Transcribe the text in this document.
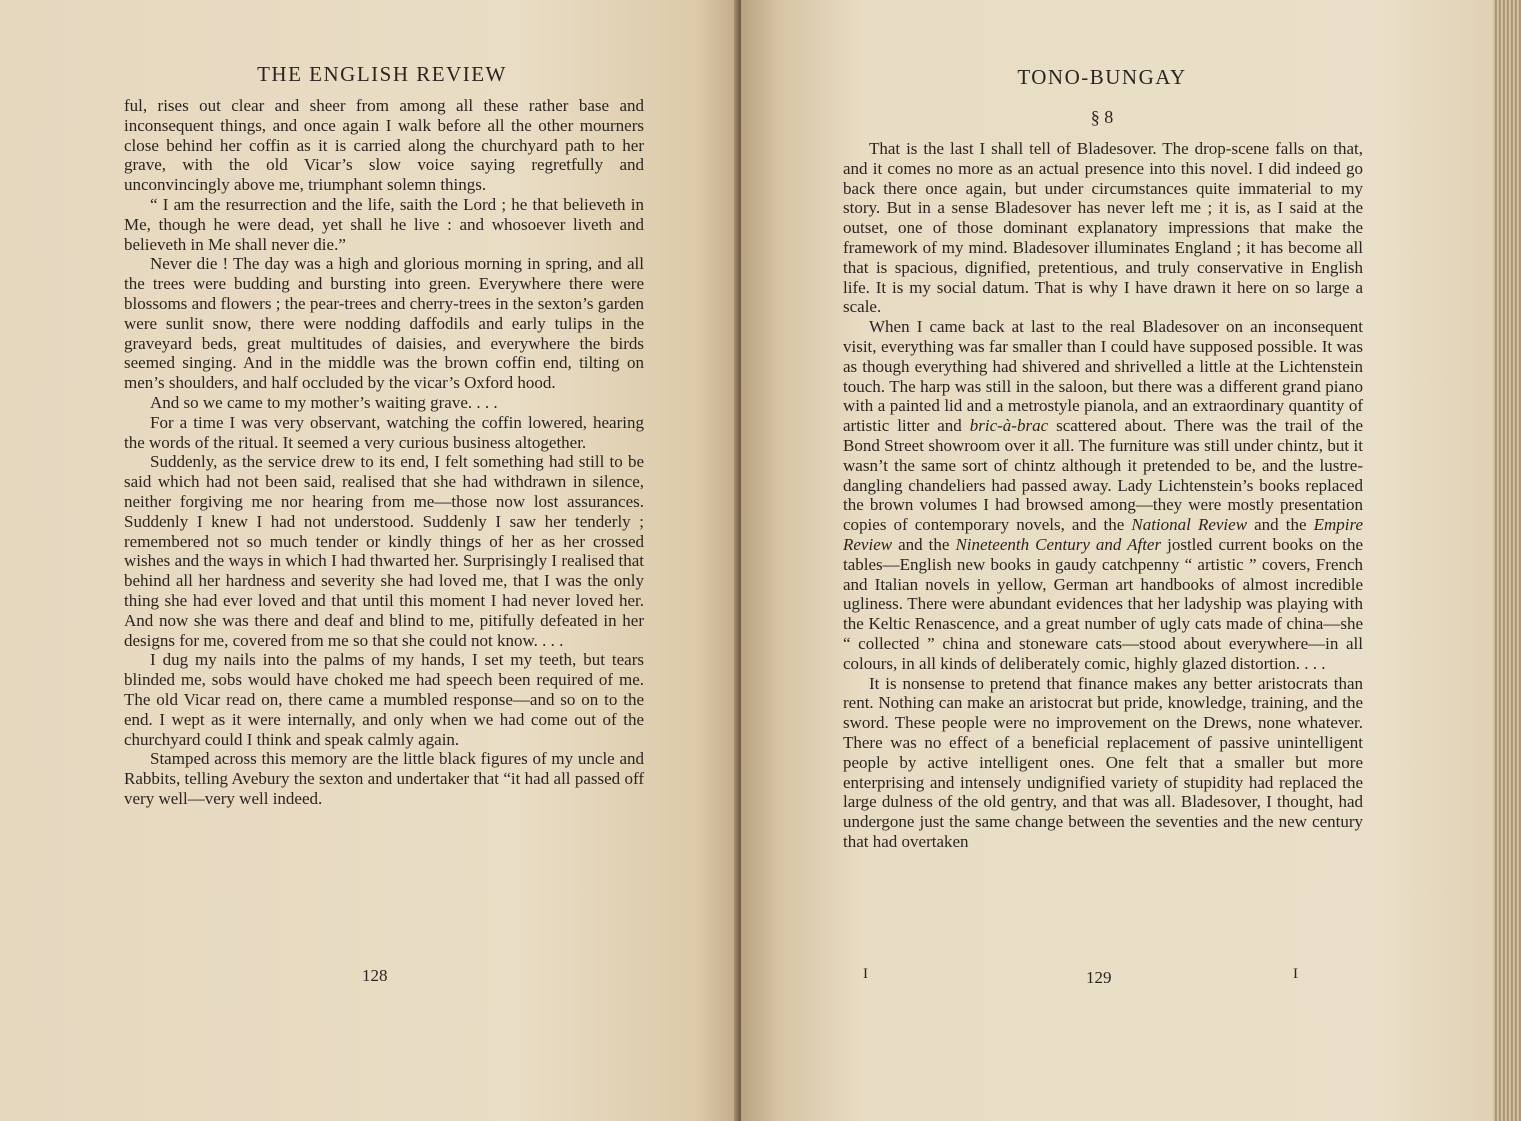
THE ENGLISH REVIEW

ful, rises out clear and sheer from among all these rather base and inconsequent things, and once again I walk before all the other mourners close behind her coffin as it is carried along the churchyard path to her grave, with the old Vicar’s slow voice saying regretfully and unconvincingly above me, triumphant solemn things.

“ I am the resurrection and the life, saith the Lord ; he that believeth in Me, though he were dead, yet shall he live : and whosoever liveth and believeth in Me shall never die.”

Never die ! The day was a high and glorious morning in spring, and all the trees were budding and bursting into green. Everywhere there were blossoms and flowers ; the pear-trees and cherry-trees in the sexton’s garden were sunlit snow, there were nodding daffodils and early tulips in the graveyard beds, great multitudes of daisies, and everywhere the birds seemed singing. And in the middle was the brown coffin end, tilting on men’s shoulders, and half occluded by the vicar’s Oxford hood.

And so we came to my mother’s waiting grave. . . .

For a time I was very observant, watching the coffin lowered, hearing the words of the ritual. It seemed a very curious business altogether.

Suddenly, as the service drew to its end, I felt something had still to be said which had not been said, realised that she had withdrawn in silence, neither forgiving me nor hearing from me—those now lost assurances. Suddenly I knew I had not understood. Suddenly I saw her tenderly ; remembered not so much tender or kindly things of her as her crossed wishes and the ways in which I had thwarted her. Surprisingly I realised that behind all her hardness and severity she had loved me, that I was the only thing she had ever loved and that until this moment I had never loved her. And now she was there and deaf and blind to me, pitifully defeated in her designs for me, covered from me so that she could not know. . . .

I dug my nails into the palms of my hands, I set my teeth, but tears blinded me, sobs would have choked me had speech been required of me. The old Vicar read on, there came a mumbled response—and so on to the end. I wept as it were internally, and only when we had come out of the churchyard could I think and speak calmly again.

Stamped across this memory are the little black figures of my uncle and Rabbits, telling Avebury the sexton and undertaker that “it had all passed off very well—very well indeed.

128
TONO-BUNGAY
§ 8

That is the last I shall tell of Bladesover. The drop-scene falls on that, and it comes no more as an actual presence into this novel. I did indeed go back there once again, but under circumstances quite immaterial to my story. But in a sense Bladesover has never left me ; it is, as I said at the outset, one of those dominant explanatory impressions that make the framework of my mind. Bladesover illuminates England ; it has become all that is spacious, dignified, pretentious, and truly conservative in English life. It is my social datum. That is why I have drawn it here on so large a scale.

When I came back at last to the real Bladesover on an inconsequent visit, everything was far smaller than I could have supposed possible. It was as though everything had shivered and shrivelled a little at the Lichtenstein touch. The harp was still in the saloon, but there was a different grand piano with a painted lid and a metrostyle pianola, and an extraordinary quantity of artistic litter and bric-à-brac scattered about. There was the trail of the Bond Street showroom over it all. The furniture was still under chintz, but it wasn’t the same sort of chintz although it pretended to be, and the lustre-dangling chandeliers had passed away. Lady Lichtenstein’s books replaced the brown volumes I had browsed among—they were mostly presentation copies of contemporary novels, and the National Review and the Empire Review and the Nineteenth Century and After jostled current books on the tables—English new books in gaudy catchpenny “ artistic ” covers, French and Italian novels in yellow, German art handbooks of almost incredible ugliness. There were abundant evidences that her ladyship was playing with the Keltic Renascence, and a great number of ugly cats made of china—she “ collected ” china and stoneware cats—stood about everywhere—in all colours, in all kinds of deliberately comic, highly glazed distortion. . . .

It is nonsense to pretend that finance makes any better aristocrats than rent. Nothing can make an aristocrat but pride, knowledge, training, and the sword. These people were no improvement on the Drews, none whatever. There was no effect of a beneficial replacement of passive unintelligent people by active intelligent ones. One felt that a smaller but more enterprising and intensely undignified variety of stupidity had replaced the large dulness of the old gentry, and that was all. Bladesover, I thought, had undergone just the same change between the seventies and the new century that had overtaken

I	129	I
